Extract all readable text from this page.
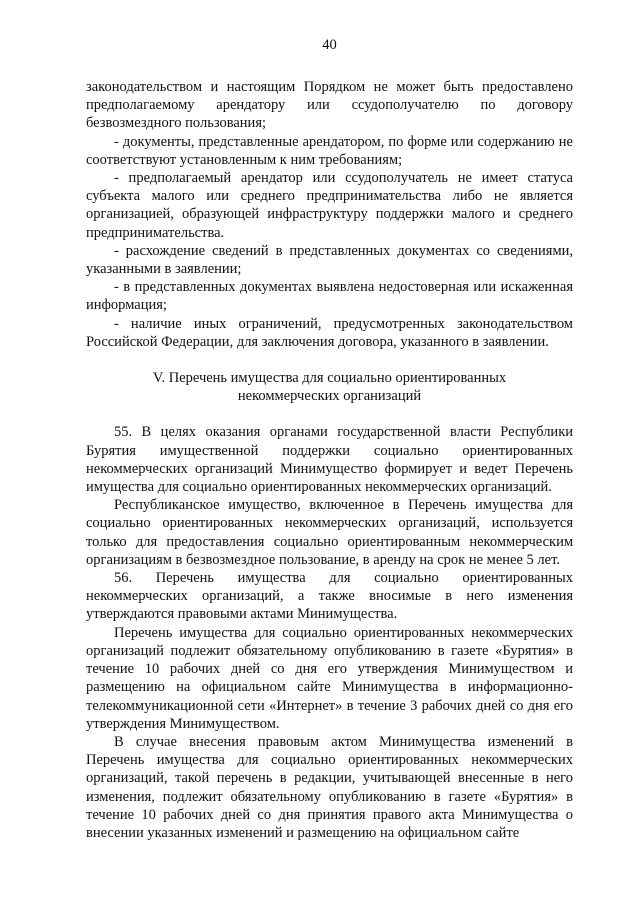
40

законодательством и настоящим Порядком не может быть предоставлено предполагаемому арендатору или ссудополучателю по договору безвозмездного пользования;

- документы, представленные арендатором, по форме или содержанию не соответствуют установленным к ним требованиям;

- предполагаемый арендатор или ссудополучатель не имеет статуса субъекта малого или среднего предпринимательства либо не является организацией, образующей инфраструктуру поддержки малого и среднего предпринимательства.

- расхождение сведений в представленных документах со сведениями, указанными в заявлении;

- в представленных документах выявлена недостоверная или искаженная информация;

- наличие иных ограничений, предусмотренных законодательством Российской Федерации, для заключения договора, указанного в заявлении.

V. Перечень имущества для социально ориентированных
некоммерческих организаций

55. В целях оказания органами государственной власти Республики Бурятия имущественной поддержки социально ориентированных некоммерческих организаций Минимущество формирует и ведет Перечень имущества для социально ориентированных некоммерческих организаций.

Республиканское имущество, включенное в Перечень имущества для социально ориентированных некоммерческих организаций, используется только для предоставления социально ориентированным некоммерческим организациям в безвозмездное пользование, в аренду на срок не менее 5 лет.

56. Перечень имущества для социально ориентированных некоммерческих организаций, а также вносимые в него изменения утверждаются правовыми актами Минимущества.

Перечень имущества для социально ориентированных некоммерческих организаций подлежит обязательному опубликованию в газете «Бурятия» в течение 10 рабочих дней со дня его утверждения Минимуществом и размещению на официальном сайте Минимущества в информационно-телекоммуникационной сети «Интернет» в течение 3 рабочих дней со дня его утверждения Минимуществом.

В случае внесения правовым актом Минимущества изменений в Перечень имущества для социально ориентированных некоммерческих организаций, такой перечень в редакции, учитывающей внесенные в него изменения, подлежит обязательному опубликованию в газете «Бурятия» в течение 10 рабочих дней со дня принятия правого акта Минимущества о внесении указанных изменений и размещению на официальном сайте
